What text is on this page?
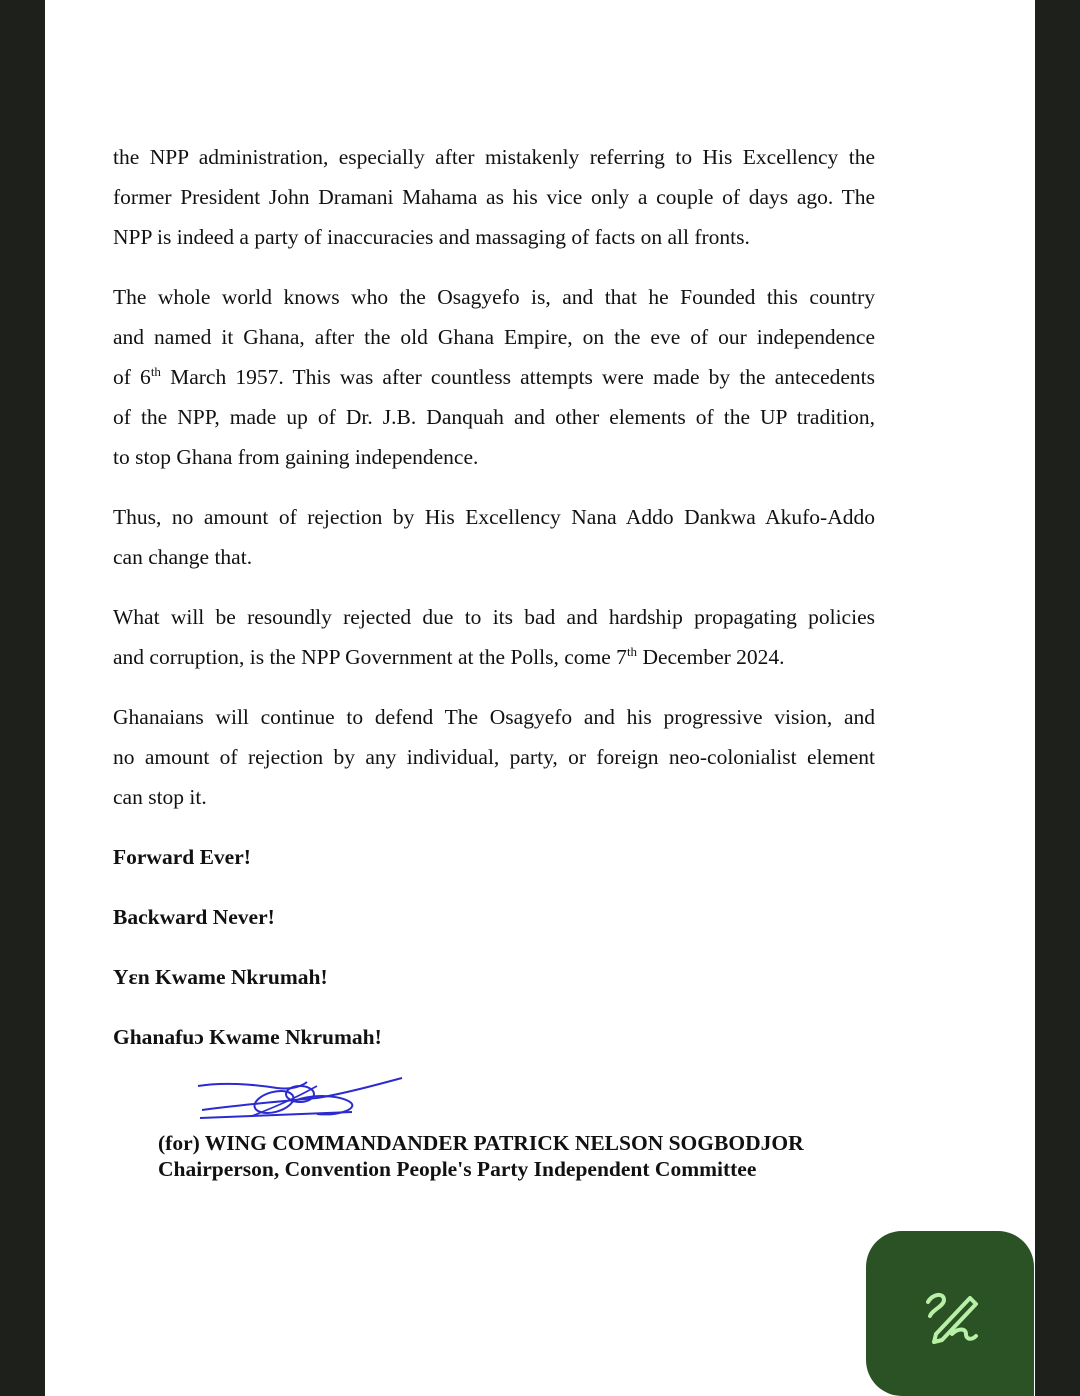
the NPP administration, especially after mistakenly referring to His Excellency the
former President John Dramani Mahama as his vice only a couple of days ago. The
NPP is indeed a party of inaccuracies and massaging of facts on all fronts.

The whole world knows who the Osagyefo is, and that he Founded this country
and named it Ghana, after the old Ghana Empire, on the eve of our independence
of 6th March 1957. This was after countless attempts were made by the antecedents
of the NPP, made up of Dr. J.B. Danquah and other elements of the UP tradition,
to stop Ghana from gaining independence.

Thus, no amount of rejection by His Excellency Nana Addo Dankwa Akufo-Addo
can change that.

What will be resoundly rejected due to its bad and hardship propagating policies
and corruption, is the NPP Government at the Polls, come 7th December 2024.

Ghanaians will continue to defend The Osagyefo and his progressive vision, and
no amount of rejection by any individual, party, or foreign neo-colonialist element
can stop it.

Forward Ever!

Backward Never!

Yɛn Kwame Nkrumah!

Ghanafuɔ Kwame Nkrumah!

(for) WING COMMANDANDER PATRICK NELSON SOGBODJOR
Chairperson, Convention People's Party Independent Committee
